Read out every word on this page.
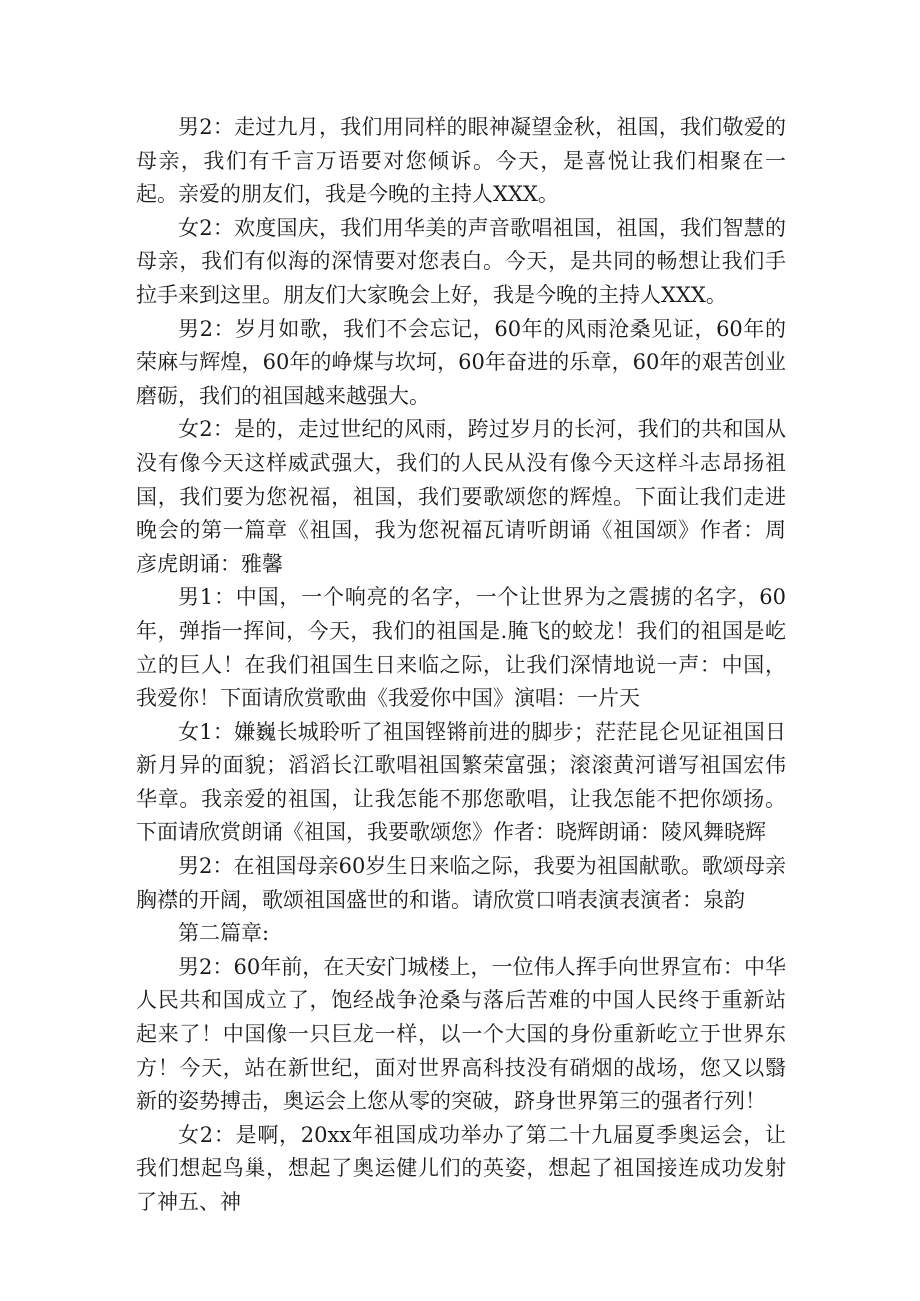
男2：走过九月，我们用同样的眼神凝望金秋，祖国，我们敬爱的母亲，我们有千言万语要对您倾诉。今天，是喜悦让我们相聚在一起。亲爱的朋友们，我是今晚的主持人XXX。

女2：欢度国庆，我们用华美的声音歌唱祖国，祖国，我们智慧的母亲，我们有似海的深情要对您表白。今天，是共同的畅想让我们手拉手来到这里。朋友们大家晚会上好，我是今晚的主持人XXX。

男2：岁月如歌，我们不会忘记，60年的风雨沧桑见证，60年的荣麻与辉煌，60年的峥煤与坎坷，60年奋进的乐章，60年的艰苦创业磨砺，我们的祖国越来越强大。

女2：是的，走过世纪的风雨，跨过岁月的长河，我们的共和国从没有像今天这样威武强大，我们的人民从没有像今天这样斗志昂扬祖国，我们要为您祝福，祖国，我们要歌颂您的辉煌。下面让我们走进晚会的第一篇章《祖国，我为您祝福瓦请听朗诵《祖国颂》作者：周彦虎朗诵：雅馨

男1：中国，一个响亮的名字，一个让世界为之震掳的名字，60年，弹指一挥间，今天，我们的祖国是.腌飞的蛟龙！我们的祖国是屹立的巨人！在我们祖国生日来临之际，让我们深情地说一声：中国，我爱你！下面请欣赏歌曲《我爱你中国》演唱：一片天

女1：嫌巍长城聆听了祖国铿锵前进的脚步；茫茫昆仑见证祖国日新月异的面貌；滔滔长江歌唱祖国繁荣富强；滚滚黄河谱写祖国宏伟华章。我亲爱的祖国，让我怎能不那您歌唱，让我怎能不把你颂扬。下面请欣赏朗诵《祖国，我要歌颂您》作者：晓辉朗诵：陵风舞晓辉

男2：在祖国母亲60岁生日来临之际，我要为祖国献歌。歌颂母亲胸襟的开阔，歌颂祖国盛世的和谐。请欣赏口哨表演表演者：泉韵

第二篇章:

男2：60年前，在天安门城楼上，一位伟人挥手向世界宣布：中华人民共和国成立了，饱经战争沧桑与落后苦难的中国人民终于重新站起来了！中国像一只巨龙一样，以一个大国的身份重新屹立于世界东方！今天，站在新世纪，面对世界高科技没有硝烟的战场，您又以翳新的姿势搏击，奥运会上您从零的突破，跻身世界第三的强者行列！

女2：是啊，20xx年祖国成功举办了第二十九届夏季奥运会，让我们想起鸟巢，想起了奥运健儿们的英姿，想起了祖国接连成功发射了神五、神
